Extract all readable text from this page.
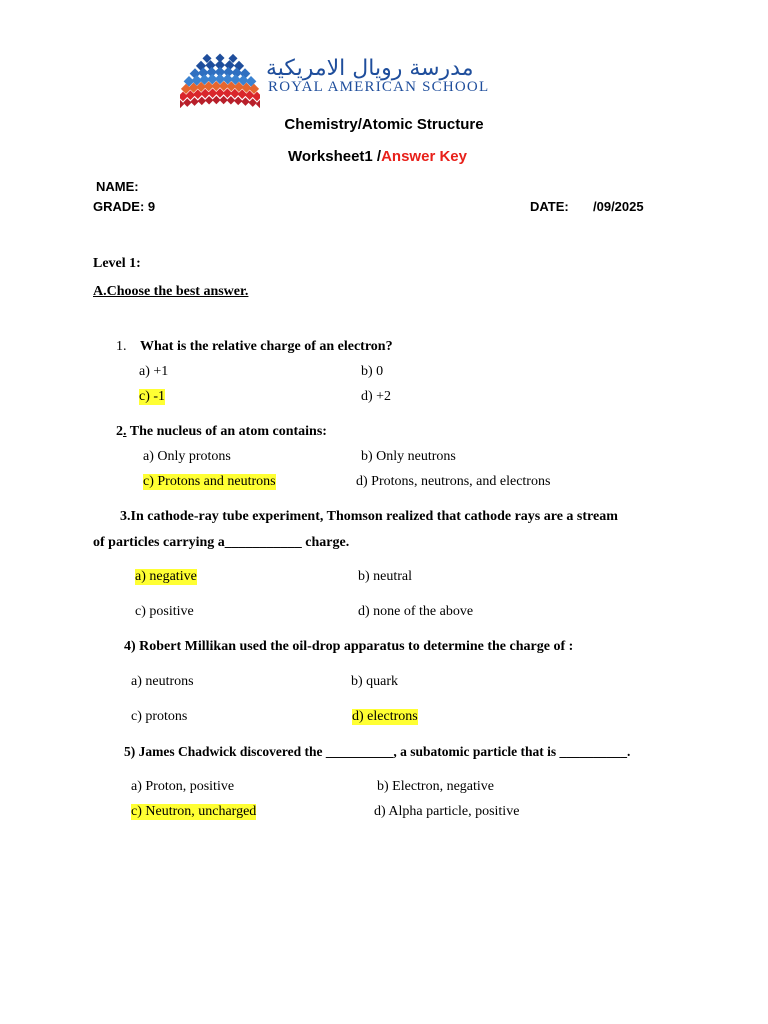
مدرسة رويال الامريكية
ROYAL AMERICAN SCHOOL
Chemistry/Atomic Structure
Worksheet1 /Answer Key
NAME:
GRADE: 9	DATE: /09/2025
Level 1:
A.Choose the best answer.
1. What is the relative charge of an electron?
a) +1	b) 0
c) -1	d) +2
2. The nucleus of an atom contains:
a) Only protons	b) Only neutrons
c) Protons and neutrons	d) Protons, neutrons, and electrons
3.In cathode-ray tube experiment, Thomson realized that cathode rays are a stream
of particles carrying a___________ charge.
a) negative	b) neutral
c) positive	d) none of the above
4) Robert Millikan used the oil-drop apparatus to determine the charge of :
a) neutrons	b) quark
c) protons	d) electrons
5) James Chadwick discovered the __________, a subatomic particle that is __________.
a) Proton, positive	b) Electron, negative
c) Neutron, uncharged	d) Alpha particle, positive
